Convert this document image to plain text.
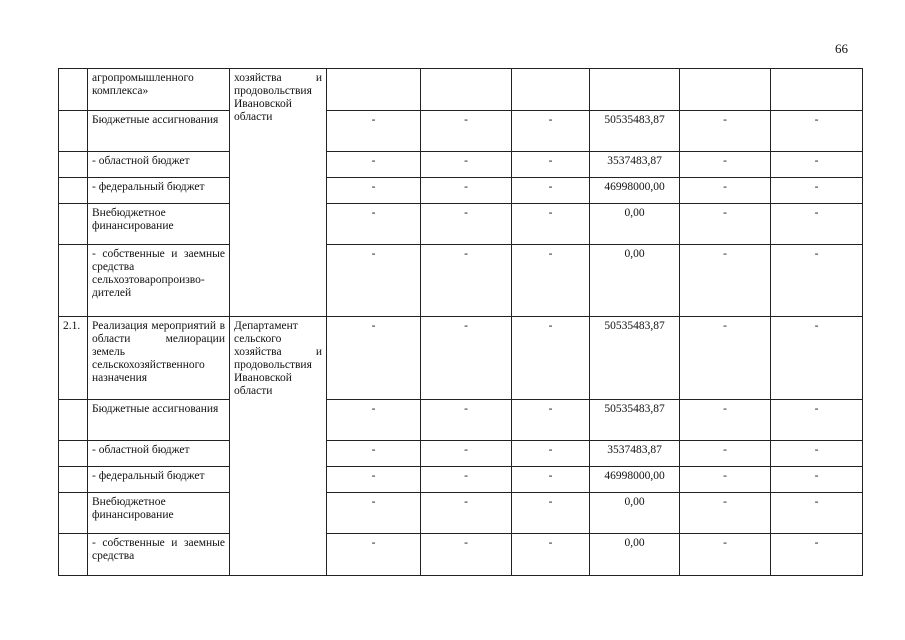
66
	агропромышленного комплекса»	хозяйства и продовольствия Ивановской области						
	Бюджетные ассигнования		-	-	-	50535483,87	-	-
	- областной бюджет		-	-	-	3537483,87	-	-
	- федеральный бюджет		-	-	-	46998000,00	-	-
	Внебюджетное финансирование		-	-	-	0,00	-	-
	- собственные и заемные средства сельхозтоваропроизво-дителей		-	-	-	0,00	-	-
2.1.	Реализация мероприятий в области мелиорации земель сельскохозяйственного назначения	Департамент сельского хозяйства и продовольствия Ивановской области	-	-	-	50535483,87	-	-
	Бюджетные ассигнования		-	-	-	50535483,87	-	-
	- областной бюджет		-	-	-	3537483,87	-	-
	- федеральный бюджет		-	-	-	46998000,00	-	-
	Внебюджетное финансирование		-	-	-	0,00	-	-
	- собственные и заемные средства		-	-	-	0,00	-	-
